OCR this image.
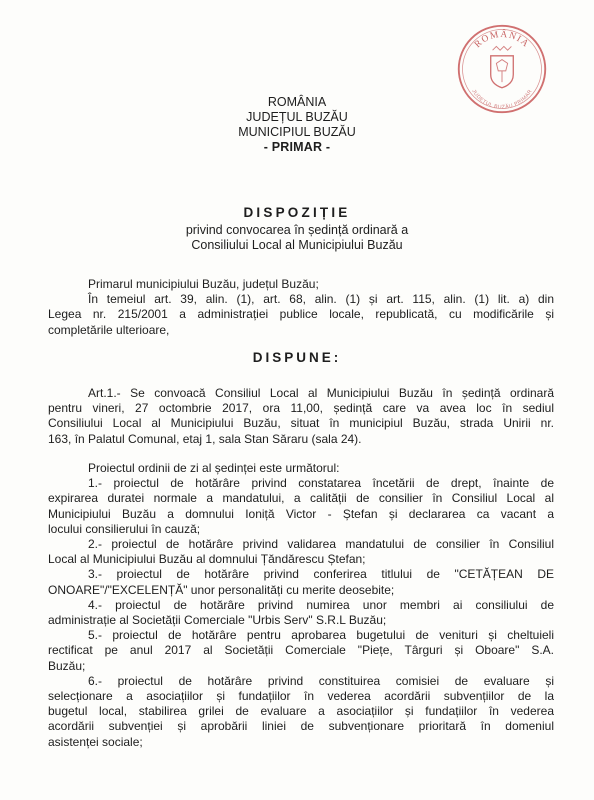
ROMÂNIA
JUDEȚUL BUZĂU PRIMAR
ROMÂNIA
JUDEȚUL BUZĂU
MUNICIPIUL BUZĂU
- PRIMAR -
DISPOZIȚIE
privind convocarea în ședință ordinară a
Consiliului Local al Municipiului Buzău
Primarul municipiului Buzău, județul Buzău;
În temeiul art. 39, alin. (1), art. 68, alin. (1) și art. 115, alin. (1) lit. a) din
Legea nr. 215/2001 a administrației publice locale, republicată, cu modificările și
completările ulterioare,
DISPUNE:
Art.1.- Se convoacă Consiliul Local al Municipiului Buzău în ședință ordinară
pentru vineri, 27 octombrie 2017, ora 11,00, ședință care va avea loc în sediul
Consiliului Local al Municipiului Buzău, situat în municipiul Buzău, strada Unirii nr.
163, în Palatul Comunal, etaj 1, sala Stan Săraru (sala 24).
Proiectul ordinii de zi al ședinței este următorul:
1.- proiectul de hotărâre privind constatarea încetării de drept, înainte de
expirarea duratei normale a mandatului, a calității de consilier în Consiliul Local al
Municipiului Buzău a domnului Ioniță Victor - Ștefan și declararea ca vacant a
locului consilierului în cauză;
2.- proiectul de hotărâre privind validarea mandatului de consilier în Consiliul
Local al Municipiului Buzău al domnului Țăndărescu Ștefan;
3.- proiectul de hotărâre privind conferirea titlului de "CETĂȚEAN DE
ONOARE"/"EXCELENȚĂ" unor personalități cu merite deosebite;
4.- proiectul de hotărâre privind numirea unor membri ai consiliului de
administrație al Societății Comerciale "Urbis Serv" S.R.L Buzău;
5.- proiectul de hotărâre pentru aprobarea bugetului de venituri și cheltuieli
rectificat pe anul 2017 al Societății Comerciale "Piețe, Târguri și Oboare" S.A.
Buzău;
6.- proiectul de hotărâre privind constituirea comisiei de evaluare și
selecționare a asociațiilor și fundațiilor în vederea acordării subvențiilor de la
bugetul local, stabilirea grilei de evaluare a asociațiilor și fundațiilor în vederea
acordării subvenției și aprobării liniei de subvenționare prioritară în domeniul
asistenței sociale;
